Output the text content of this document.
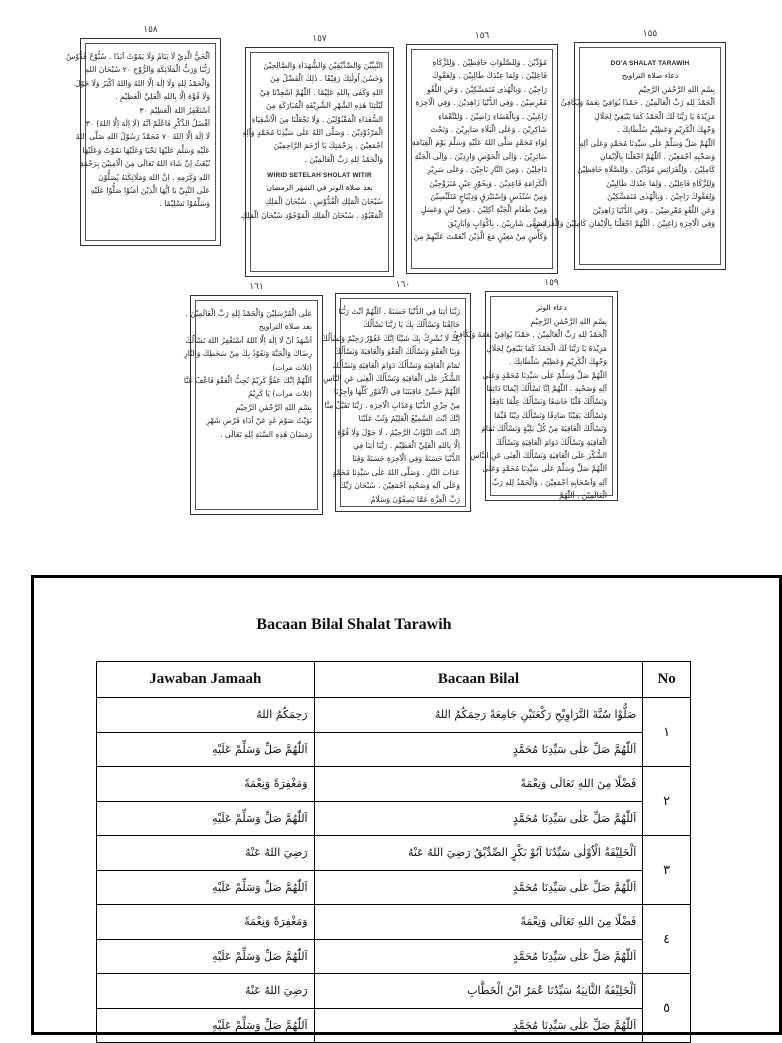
١٥٨
اَلْحَيُّ الَّذِيْ لَا يَنَامُ وَلَا يَمُوْتُ اَبَدًا . سُبُّوْحٌ قُدُّوْسٌ
رَبُّنَا وَرَبُّ الْمَلَائِكَةِ وَالرُّوْحِ ٢٠ سُبْحَانَ اللهِ
وَالْحَمْدُ لِلهِ وَلَا اِلٰهَ اِلَّا اللهُ وَاللهُ اَكْبَرُ وَلَا حَوْلَ
وَلَا قُوَّةَ اِلَّا بِاللهِ الْعَلِيِّ الْعَظِيْمِ .
اَسْتَغْفِرُ اللهَ الْعَظِيْمَ ٣٠
اَفْضَلُ الذِّكْرِ فَاعْلَمْ اَنَّهُ (لَا اِلٰهَ اِلَّا اللهُ) ٣٠
لَا اِلٰهَ اِلَّا اللهُ ٧٠ مُحَمَّدٌ رَسُوْلُ اللهِ صَلَّى اللهُ
عَلَيْهِ وَسَلَّمَ عَلَيْهَا نَحْيَا وَعَلَيْهَا نَمُوْتُ وَعَلَيْهَا
نُبْعَثُ اِنْ شَاءَ اللهُ تَعَالَى مِنَ الْآمِنِيْنَ بِرَحْمَةِ
اللهِ وَكَرَمِهِ . اِنَّ اللهَ وَمَلَائِكَتَهُ يُصَلُّوْنَ
عَلَى النَّبِيِّ يَا اَيُّهَا الَّذِيْنَ اٰمَنُوْا صَلُّوْا عَلَيْهِ
وَسَلِّمُوْا تَسْلِيْمًا .
١٥٧
النَّبِيِّيْنَ وَالصِّدِّيْقِيْنَ وَالشُّهَدَاءِ وَالصَّالِحِيْنَ
وَحَسُنَ اُولٰئِكَ رَفِيْقًا . ذٰلِكَ الْفَضْلُ مِنَ
اللهِ وَكَفَى بِاللهِ عَلِيْمًا . اَللّٰهُمَّ اسْعِدْنَا فِيْ
لَيْلَتِنَا هٰذِهِ الشَّهْرِ الشَّرِيْفَةِ الْمُبَارَكَةِ مِنَ
السُّعَدَاءِ الْمَقْبُوْلِيْنَ . وَلَا تَجْعَلْنَا مِنَ الْاَشْقِيَاءِ
الْمَرْدُوْدِيْنَ . وَصَلَّى اللهُ عَلٰى سَيِّدِنَا مُحَمَّدٍ وَآلِهِ
اَجْمَعِيْنَ . بِرَحْمَتِكَ يَا اَرْحَمَ الرَّاحِمِيْنَ
وَالْحَمْدُ لِلهِ رَبِّ الْعَالَمِيْنَ .
WIRID SETELAH SHOLAT WITIR
بعد صلاة الوتر في الشهر الرمضان
سُبْحَانَ الْمَلِكِ الْقُدُّوْسِ . سُبْحَانَ الْمَلِكِ
الْمَعْبُوْدِ . سُبْحَانَ الْمَلِكِ الْمَوْجُوْدِ سُبْحَانَ الْمَلِكِ
١٥٦
مُؤَدِّيْنَ . وَلِلصَّلَوَاتِ حَافِظِيْنَ . وَلِلزَّكَاةِ
فَاعِلِيْنَ . وَلِمَا عِنْدَكَ طَالِبِيْنَ . وَلِعَفْوِكَ
رَاجِيْنَ . وَبِالْهُدٰى مُتَمَسِّكِيْنَ . وَعَنِ اللَّغْوِ
مُعْرِضِيْنَ . وَفِي الدُّنْيَا زَاهِدِيْنَ . وَفِي الْآخِرَةِ
رَاغِبِيْنَ . وَبِالْقَضَاءِ رَاضِيْنَ . وَلِلنَّعْمَاءِ
شَاكِرِيْنَ . وَعَلَى الْبَلَاءِ صَابِرِيْنَ . وَتَحْتَ
لِوَاءِ مُحَمَّدٍ صَلَّى اللهُ عَلَيْهِ وَسَلَّمَ يَوْمَ الْقِيَامَةِ
سَائِرِيْنَ . وَاِلَى الْحَوْضِ وَارِدِيْنَ . وَاِلَى الْجَنَّةِ
دَاخِلِيْنَ . وَمِنَ النَّارِ نَاجِيْنَ . وَعَلَى سَرِيْرِ
الْكَرَامَةِ قَاعِدِيْنَ . وَبِحُوْرٍ عِيْنٍ مُتَزَوِّجِيْنَ
وَمِنْ سُنْدُسٍ وَاِسْتَبْرَقٍ وَدِيْبَاجٍ مُتَلَبِّسِيْنَ
وَمِنْ طَعَامِ الْجَنَّةِ آكِلِيْنَ . وَمِنْ لَبَنٍ وَعَسَلٍ
مُصَفًّى شَارِبِيْنَ . بِاَكْوَابٍ وَاَبَارِيْقَ
وَكَأْسٍ مِنْ مَعِيْنٍ مَعَ الَّذِيْنَ اَنْعَمْتَ عَلَيْهِمْ مِنَ
١٥٥
DO'A SHALAT TARAWIH
دعاء صلاة التراويح
بِسْمِ اللهِ الرَّحْمٰنِ الرَّحِيْمِ
اَلْحَمْدُ لِلهِ رَبِّ الْعَالَمِيْنَ . حَمْدًا يُوَافِيْ نِعَمَهُ وَيُكَافِئُ
مَزِيْدَهُ يَا رَبَّنَا لَكَ الْحَمْدُ كَمَا يَنْبَغِيْ لِجَلَالِ
وَجْهِكَ الْكَرِيْمِ وَعَظِيْمِ سُلْطَانِكَ .
اَللّٰهُمَّ صَلِّ وَسَلِّمْ عَلٰى سَيِّدِنَا مُحَمَّدٍ وَعَلٰى آلِهِ
وَصَحْبِهِ اَجْمَعِيْنَ . اَللّٰهُمَّ اجْعَلْنَا بِالْاِيْمَانِ
كَامِلِيْنَ . وَلِلْفَرَائِضِ مُؤَدِّيْنَ . وَلِلصَّلَاةِ حَافِظِيْنَ
وَلِلزَّكَاةِ فَاعِلِيْنَ . وَلِمَا عِنْدَكَ طَالِبِيْنَ
وَلِعَفْوِكَ رَاجِيْنَ . وَبِالْهُدٰى مُتَمَسِّكِيْنَ
وَعَنِ اللَّغْوِ مُعْرِضِيْنَ . وَفِي الدُّنْيَا زَاهِدِيْنَ
وَفِي الْآخِرَةِ رَاغِبِيْنَ . اَللّٰهُمَّ اجْعَلْنَا بِالْاِيْمَانِ كَامِلِيْنَ وَلِلْفَرَائِضِ
١٦١
عَلَى الْمُرْسَلِيْنَ وَالْحَمْدُ لِلهِ رَبِّ الْعَالَمِيْنَ .
بعد صلاة التراويح
اَشْهَدُ اَنْ لَا اِلٰهَ اِلَّا اللهُ اَسْتَغْفِرُ اللهَ نَسْأَلُكَ
رِضَاكَ وَالْجَنَّةَ وَنَعُوْذُ بِكَ مِنْ سَخَطِكَ وَالنَّارِ
(ثلاث مرات)
اَللّٰهُمَّ اِنَّكَ عَفُوٌّ كَرِيْمٌ تُحِبُّ الْعَفْوَ فَاعْفُ عَنَّا
(ثلاث مرات) يَا كَرِيْمُ
بِسْمِ اللهِ الرَّحْمٰنِ الرَّحِيْمِ
نَوَيْتُ صَوْمَ غَدٍ عَنْ اَدَاءِ فَرْضِ شَهْرِ
رَمَضَانَ هٰذِهِ السَّنَةِ لِلهِ تَعَالَى .
١٦٠
رَبَّنَا اٰتِنَا فِي الدُّنْيَا حَسَنَةً . اَللّٰهُمَّ اَنْتَ رَبُّنَا
خَالِقُنَا وَنَسْأَلُكَ بِكَ يَا رَبَّنَا نَسْأَلُكَ
بِكَ لَا نُشْرِكُ بِكَ شَيْئًا اِنَّكَ غَفُوْرٌ رَحِيْمٌ وَنَسْأَلُكَ
وَبِنَا الْعَفْوَ وَنَسْأَلُكَ الْعَفْوَ وَالْعَافِيَةَ وَنَسْأَلُكَ
تَمَامَ الْعَافِيَةِ وَنَسْأَلُكَ دَوَامَ الْعَافِيَةِ وَنَسْأَلُكَ
الشُّكْرَ عَلَى الْعَافِيَةِ وَنَسْأَلُكَ الْغِنٰى عَنِ النَّاسِ
اَللّٰهُمَّ حَسِّنْ عَاقِبَتَنَا فِي الْاُمُوْرِ كُلِّهَا وَاَجِرْنَا
مِنْ خِزْيِ الدُّنْيَا وَعَذَابِ الْآخِرَةِ . رَبَّنَا تَقَبَّلْ مِنَّا
اِنَّكَ اَنْتَ السَّمِيْعُ الْعَلِيْمُ وَتُبْ عَلَيْنَا
اِنَّكَ اَنْتَ التَّوَّابُ الرَّحِيْمُ . لَا حَوْلَ وَلَا قُوَّةَ
اِلَّا بِاللهِ الْعَلِيِّ الْعَظِيْمِ . رَبَّنَا اٰتِنَا فِي
الدُّنْيَا حَسَنَةً وَفِي الْآخِرَةِ حَسَنَةً وَقِنَا
عَذَابَ النَّارِ . وَصَلَّى اللهُ عَلٰى سَيِّدِنَا مُحَمَّدٍ
وَعَلٰى آلِهِ وَصَحْبِهِ اَجْمَعِيْنَ . سُبْحَانَ رَبِّكَ
رَبِّ الْعِزَّةِ عَمَّا يَصِفُوْنَ وَسَلَامٌ
١٥٩
دعاء الوتر
بِسْمِ اللهِ الرَّحْمٰنِ الرَّحِيْمِ
اَلْحَمْدُ لِلهِ رَبِّ الْعَالَمِيْنَ . حَمْدًا يُوَافِيْ نِعَمَهُ وَيُكَافِئُ
مَزِيْدَهُ يَا رَبَّنَا لَكَ الْحَمْدُ كَمَا يَنْبَغِيْ لِجَلَالِ
وَجْهِكَ الْكَرِيْمِ وَعَظِيْمِ سُلْطَانِكَ .
اَللّٰهُمَّ صَلِّ وَسَلِّمْ عَلٰى سَيِّدِنَا مُحَمَّدٍ وَعَلٰى
آلِهِ وَصَحْبِهِ . اَللّٰهُمَّ اِنَّا نَسْأَلُكَ اِيْمَانًا دَائِمًا
وَنَسْأَلُكَ قَلْبًا خَاشِعًا وَنَسْأَلُكَ عِلْمًا نَافِعًا
وَنَسْأَلُكَ يَقِيْنًا صَادِقًا وَنَسْأَلُكَ دِيْنًا قَيِّمًا
وَنَسْأَلُكَ الْعَافِيَةَ مِنْ كُلِّ بَلِيَّةٍ وَنَسْأَلُكَ تَمَامَ
الْعَافِيَةِ وَنَسْأَلُكَ دَوَامَ الْعَافِيَةِ وَنَسْأَلُكَ
الشُّكْرَ عَلَى الْعَافِيَةِ وَنَسْأَلُكَ الْغِنٰى عَنِ النَّاسِ
اَللّٰهُمَّ صَلِّ وَسَلِّمْ عَلٰى سَيِّدِنَا مُحَمَّدٍ وَعَلٰى
آلِهِ وَاَصْحَابِهِ اَجْمَعِيْنَ . وَالْحَمْدُ لِلهِ رَبِّ
الْعَالَمِيْنَ . اَللّٰهُمَّ
Bacaan Bilal Shalat Tarawih
Jawaban Jamaah	Bacaan Bilal	No
رَحِمَكُمُ اللهُ	صَلُّوْا سُنَّةَ التَّرَاوِيْحِ رَكْعَتَيْنِ جَامِعَةً رَحِمَكُمُ اللهُ	١
اَللّٰهُمَّ صَلِّ وَسَلِّمْ عَلَيْهِ	اَللّٰهُمَّ صَلِّ عَلٰى سَيِّدِنَا مُحَمَّدٍ	
وَمَغْفِرَةً وَنِعْمَةً	فَضْلًا مِنَ اللهِ تَعَالَى وَنِعْمَةً	٢
اَللّٰهُمَّ صَلِّ وَسَلِّمْ عَلَيْهِ	اَللّٰهُمَّ صَلِّ عَلٰى سَيِّدِنَا مُحَمَّدٍ	
رَضِيَ اللهُ عَنْهُ	اَلْخَلِيْفَةُ الْاُوْلٰى سَيِّدُنَا اَبُوْ بَكْرٍ الصِّدِّيْقُ رَضِيَ اللهُ عَنْهُ	٣
اَللّٰهُمَّ صَلِّ وَسَلِّمْ عَلَيْهِ	اَللّٰهُمَّ صَلِّ عَلٰى سَيِّدِنَا مُحَمَّدٍ	
وَمَغْفِرَةً وَنِعْمَةً	فَضْلًا مِنَ اللهِ تَعَالَى وَنِعْمَةً	٤
اَللّٰهُمَّ صَلِّ وَسَلِّمْ عَلَيْهِ	اَللّٰهُمَّ صَلِّ عَلٰى سَيِّدِنَا مُحَمَّدٍ	
رَضِيَ اللهُ عَنْهُ	اَلْخَلِيْفَةُ الثَّانِيَةُ سَيِّدُنَا عُمَرُ ابْنُ الْخَطَّابِ	٥
اَللّٰهُمَّ صَلِّ وَسَلِّمْ عَلَيْهِ	اَللّٰهُمَّ صَلِّ عَلٰى سَيِّدِنَا مُحَمَّدٍ	
